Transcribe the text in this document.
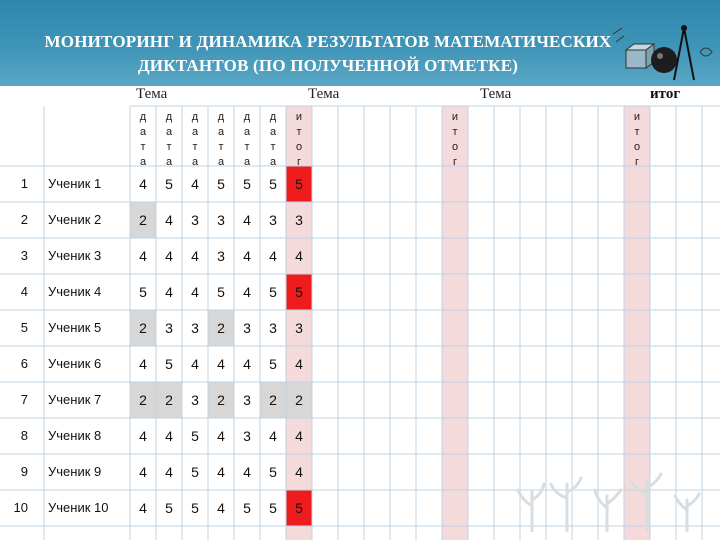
МОНИТОРИНГ И ДИНАМИКА РЕЗУЛЬТАТОВ МАТЕМАТИЧЕСКИХ
ДИКТАНТОВ (ПО ПОЛУЧЕННОЙ ОТМЕТКЕ)
Тема	Тема	Тема	итог
д
а
т
а
д
а
т
а
д
а
т
а
д
а
т
а
д
а
т
а
д
а
т
а
и
т
о
г
и
т
о
г
и
т
о
г
1 Ученик 1	4	5	4	5	5	5	5
2 Ученик 2	2	4	3	3	4	3	3
3 Ученик 3	4	4	4	3	4	4	4
4 Ученик 4	5	4	4	5	4	5	5
5 Ученик 5	2	3	3	2	3	3	3
6 Ученик 6	4	5	4	4	4	5	4
7 Ученик 7	2	2	3	2	3	2	2
8 Ученик 8	4	4	5	4	3	4	4
9 Ученик 9	4	4	5	4	4	5	4
10 Ученик 10	4	5	5	4	5	5	5
